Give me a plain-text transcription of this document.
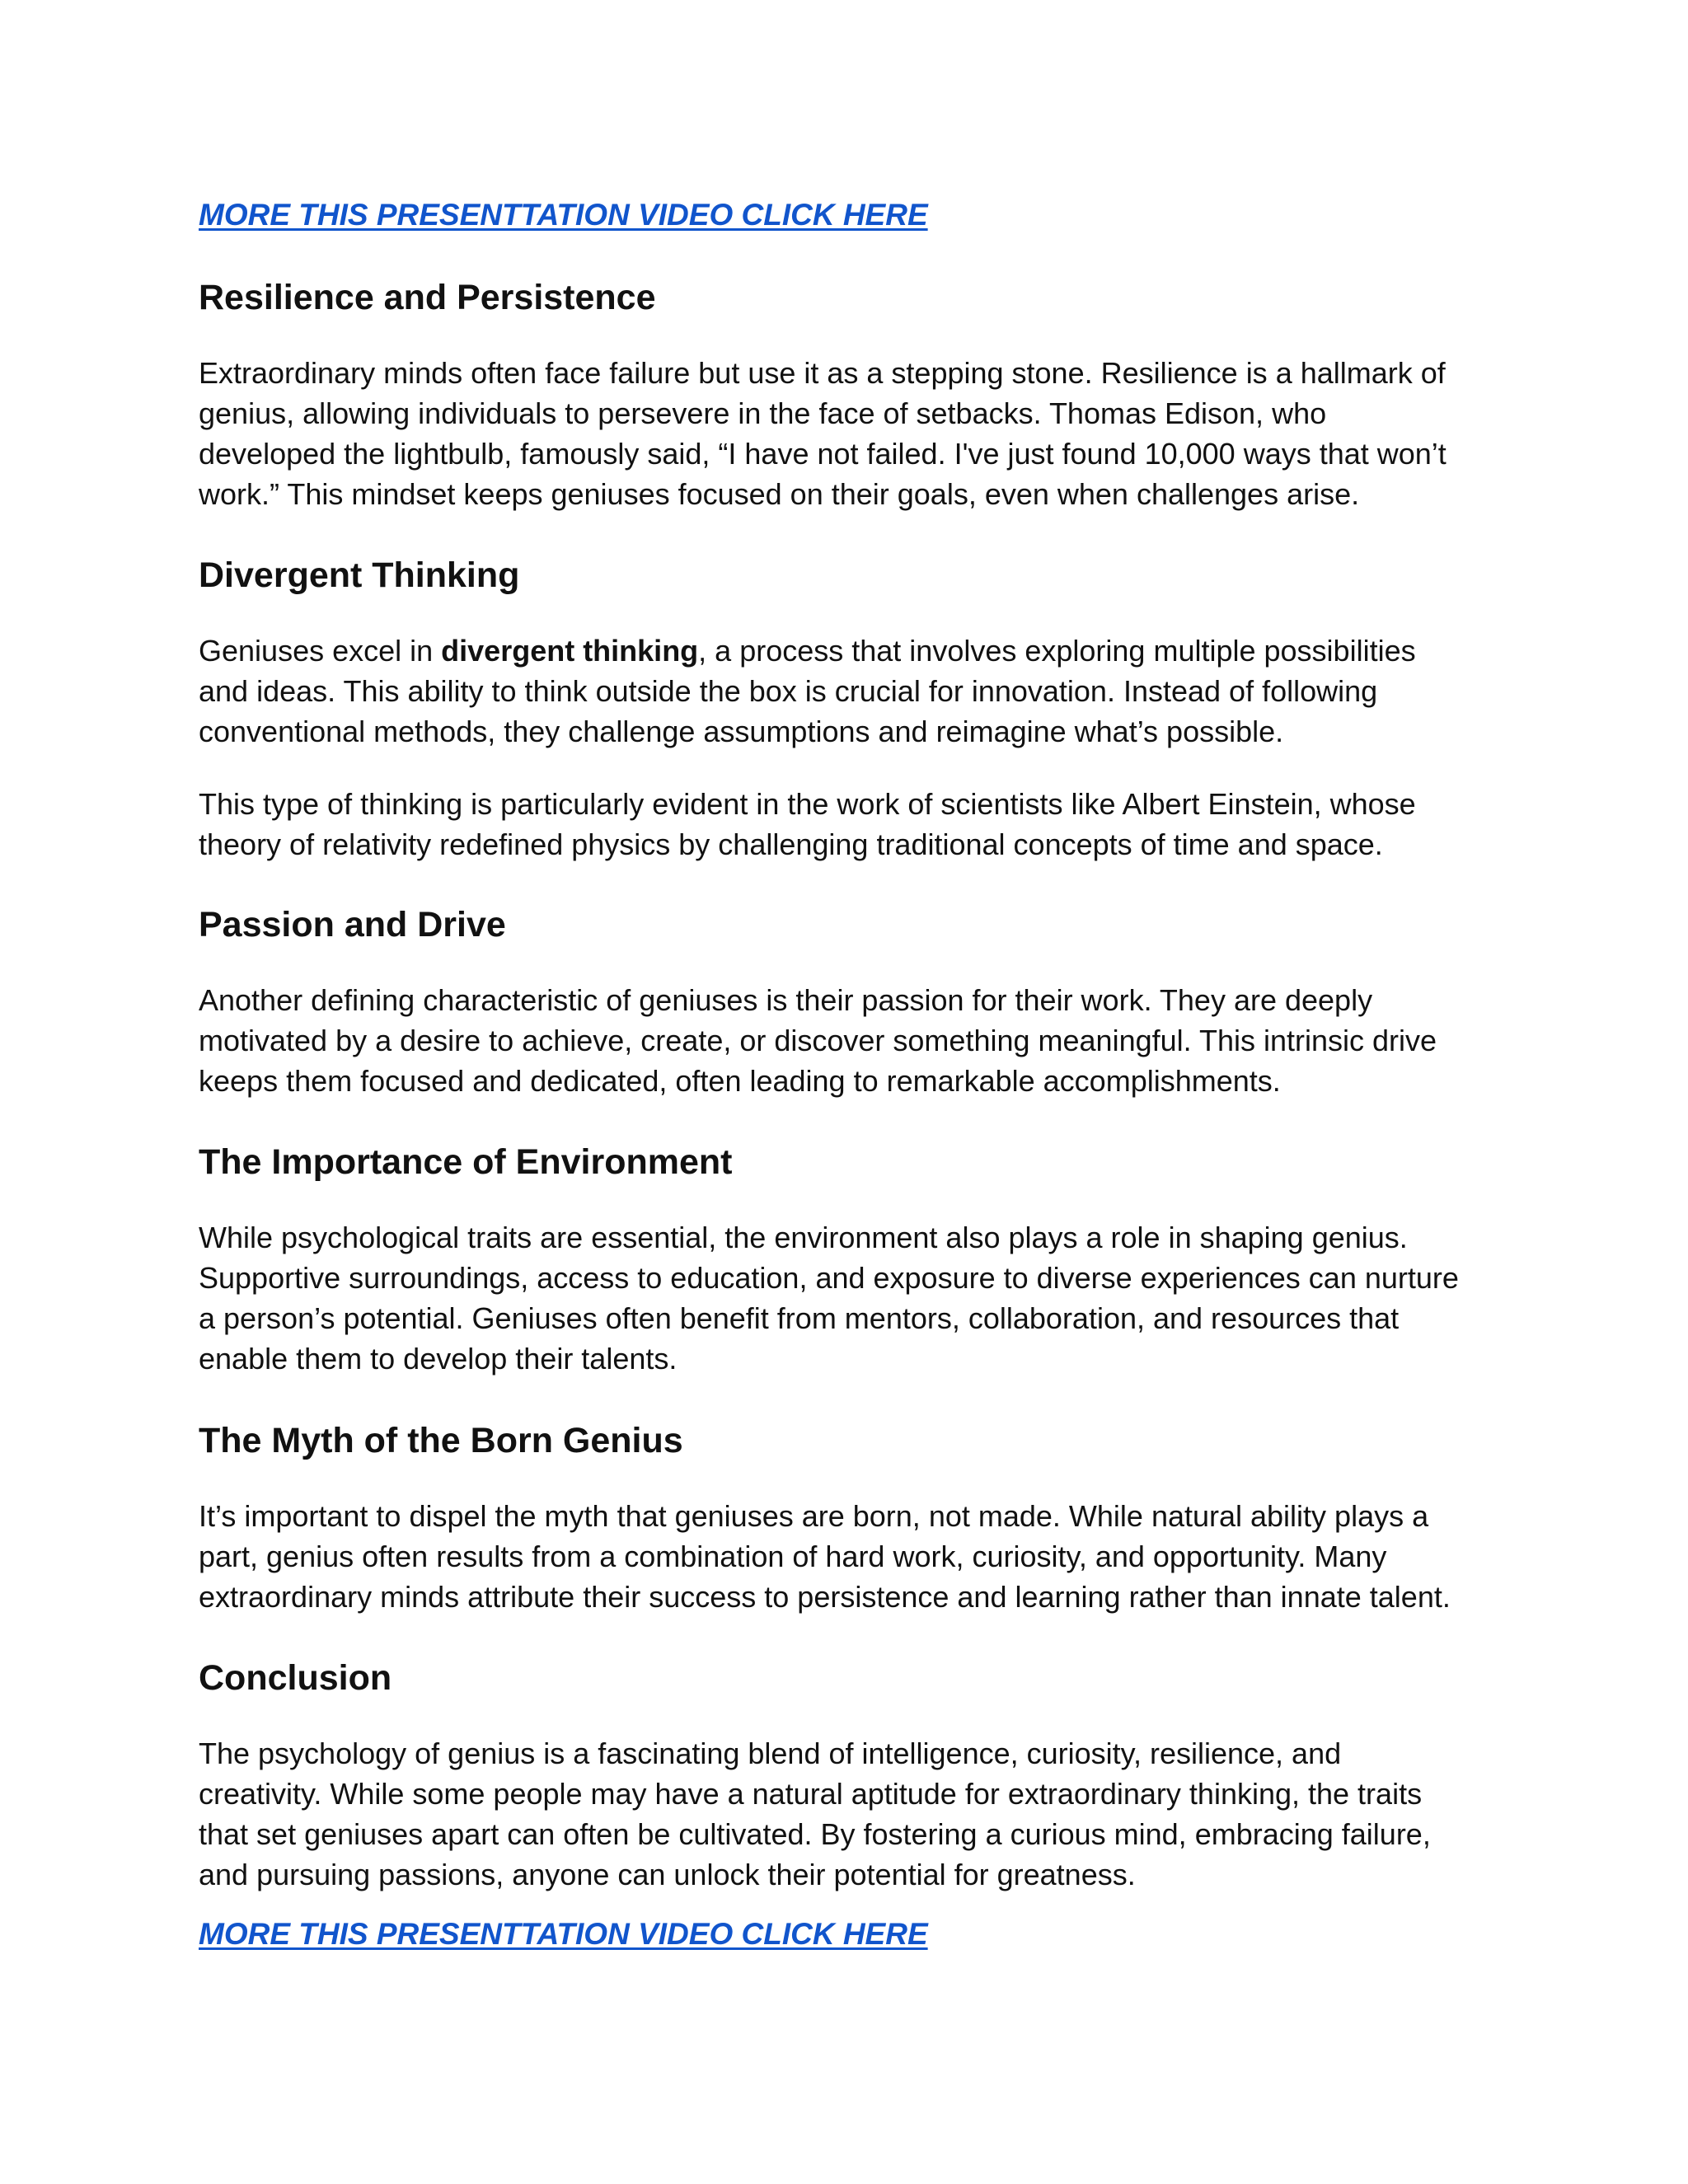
MORE THIS PRESENTTATION VIDEO CLICK HERE
Resilience and Persistence

Extraordinary minds often face failure but use it as a stepping stone. Resilience is a hallmark of
genius, allowing individuals to persevere in the face of setbacks. Thomas Edison, who
developed the lightbulb, famously said, “I have not failed. I've just found 10,000 ways that won’t
work.” This mindset keeps geniuses focused on their goals, even when challenges arise.

Divergent Thinking

Geniuses excel in divergent thinking, a process that involves exploring multiple possibilities
and ideas. This ability to think outside the box is crucial for innovation. Instead of following
conventional methods, they challenge assumptions and reimagine what’s possible.

This type of thinking is particularly evident in the work of scientists like Albert Einstein, whose
theory of relativity redefined physics by challenging traditional concepts of time and space.

Passion and Drive

Another defining characteristic of geniuses is their passion for their work. They are deeply
motivated by a desire to achieve, create, or discover something meaningful. This intrinsic drive
keeps them focused and dedicated, often leading to remarkable accomplishments.

The Importance of Environment

While psychological traits are essential, the environment also plays a role in shaping genius.
Supportive surroundings, access to education, and exposure to diverse experiences can nurture
a person’s potential. Geniuses often benefit from mentors, collaboration, and resources that
enable them to develop their talents.

The Myth of the Born Genius

It’s important to dispel the myth that geniuses are born, not made. While natural ability plays a
part, genius often results from a combination of hard work, curiosity, and opportunity. Many
extraordinary minds attribute their success to persistence and learning rather than innate talent.

Conclusion

The psychology of genius is a fascinating blend of intelligence, curiosity, resilience, and
creativity. While some people may have a natural aptitude for extraordinary thinking, the traits
that set geniuses apart can often be cultivated. By fostering a curious mind, embracing failure,
and pursuing passions, anyone can unlock their potential for greatness.

MORE THIS PRESENTTATION VIDEO CLICK HERE
